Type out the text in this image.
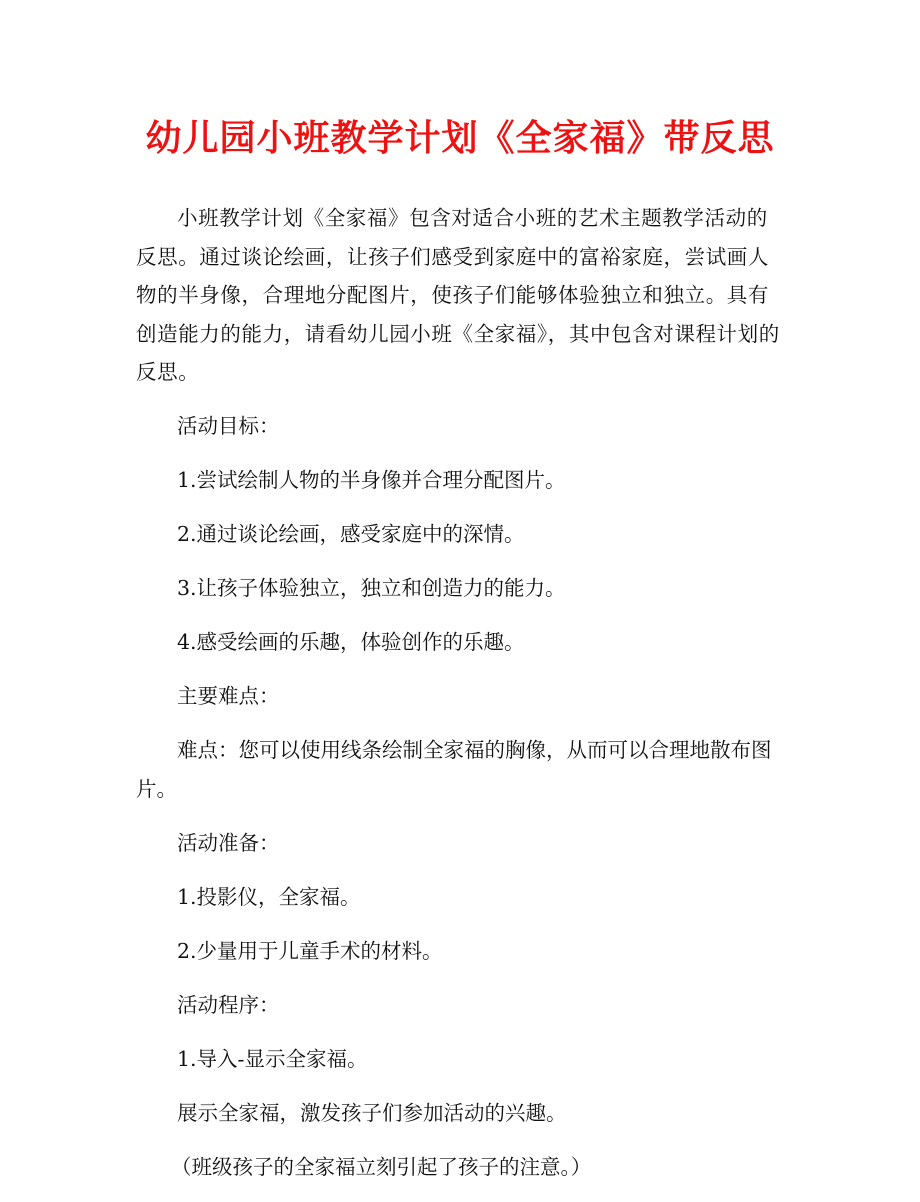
幼儿园小班教学计划《全家福》带反思

小班教学计划《全家福》包含对适合小班的艺术主题教学活动的反思。通过谈论绘画，让孩子们感受到家庭中的富裕家庭，尝试画人物的半身像，合理地分配图片，使孩子们能够体验独立和独立。具有创造能力的能力，请看幼儿园小班《全家福》，其中包含对课程计划的反思。

活动目标：

1.尝试绘制人物的半身像并合理分配图片。

2.通过谈论绘画，感受家庭中的深情。

3.让孩子体验独立，独立和创造力的能力。

4.感受绘画的乐趣，体验创作的乐趣。

主要难点：

难点：您可以使用线条绘制全家福的胸像，从而可以合理地散布图片。

活动准备：

1.投影仪，全家福。

2.少量用于儿童手术的材料。

活动程序：

1.导入-显示全家福。

展示全家福，激发孩子们参加活动的兴趣。

（班级孩子的全家福立刻引起了孩子的注意。）
